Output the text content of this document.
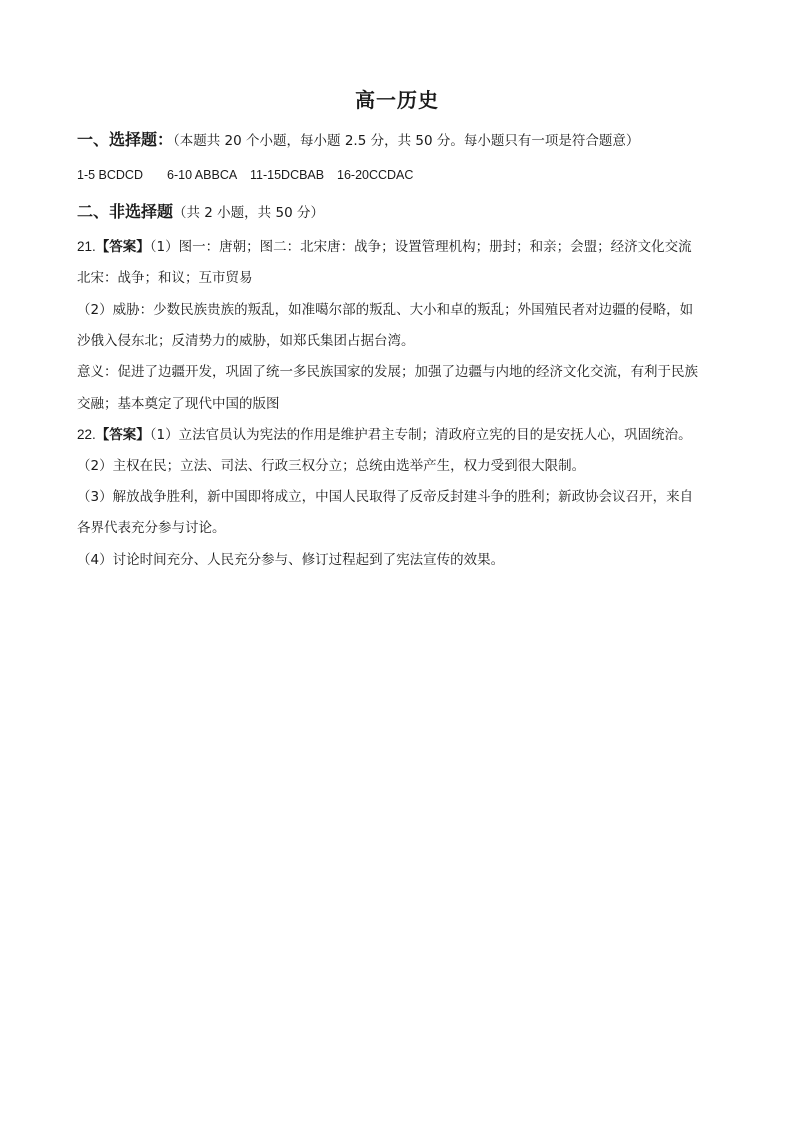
高一历史
一、选择题：（本题共 20 个小题，每小题 2.5 分，共 50 分。每小题只有一项是符合题意）
1-5 BCDCD 6-10 ABBCA 11-15DCBAB 16-20CCDAC
二、非选择题（共 2 小题，共 50 分）
21.【答案】（1）图一：唐朝；图二：北宋唐：战争；设置管理机构；册封；和亲；会盟；经济文化交流
北宋：战争；和议；互市贸易
（2）威胁：少数民族贵族的叛乱，如准噶尔部的叛乱、大小和卓的叛乱；外国殖民者对边疆的侵略，如
沙俄入侵东北；反清势力的威胁，如郑氏集团占据台湾。
意义：促进了边疆开发，巩固了统一多民族国家的发展；加强了边疆与内地的经济文化交流，有利于民族
交融；基本奠定了现代中国的版图
22.【答案】（1）立法官员认为宪法的作用是维护君主专制；清政府立宪的目的是安抚人心，巩固统治。
（2）主权在民；立法、司法、行政三权分立；总统由选举产生，权力受到很大限制。
（3）解放战争胜利，新中国即将成立，中国人民取得了反帝反封建斗争的胜利；新政协会议召开，来自
各界代表充分参与讨论。
（4）讨论时间充分、人民充分参与、修订过程起到了宪法宣传的效果。
